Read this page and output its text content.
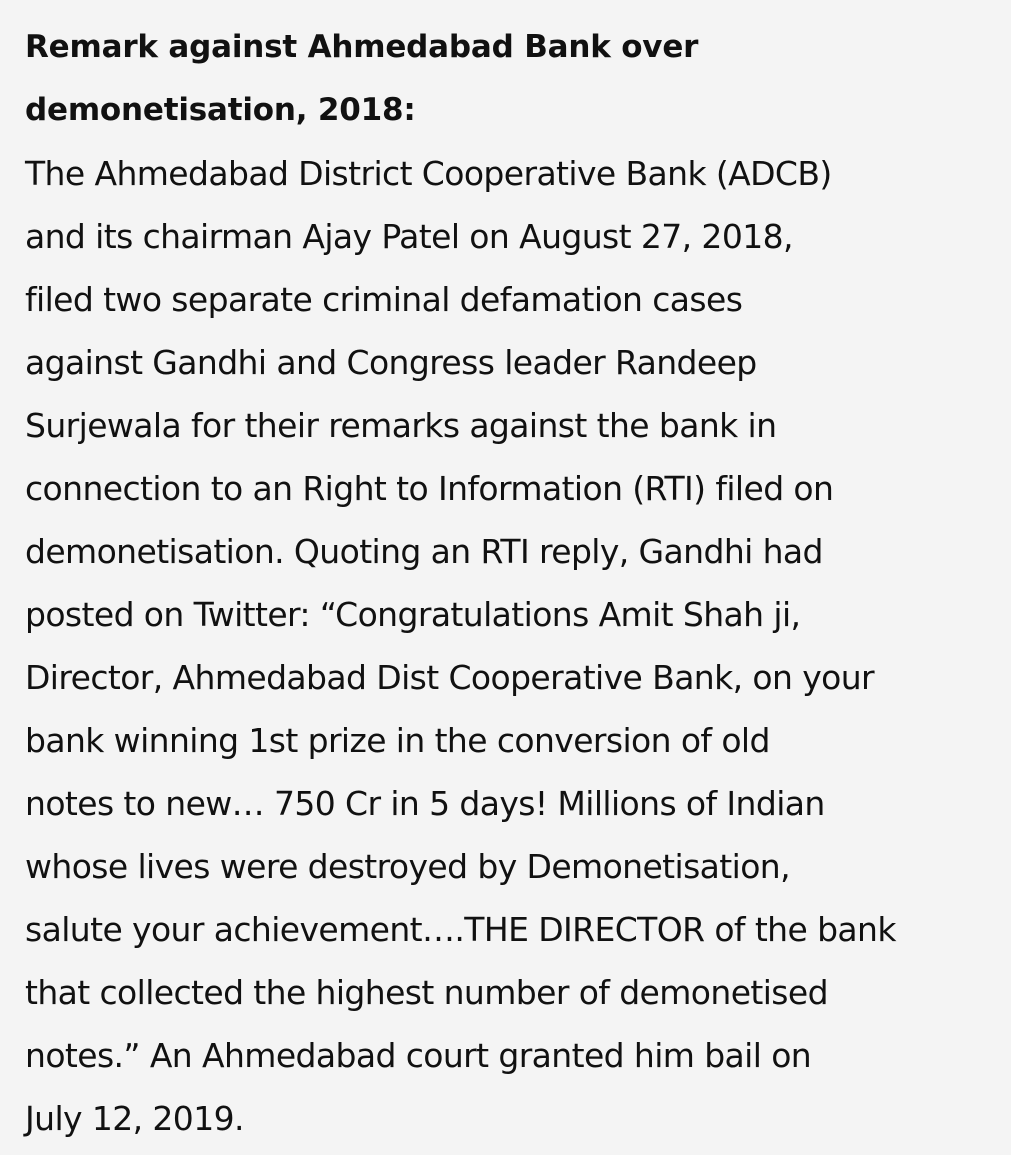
Remark against Ahmedabad Bank over
demonetisation, 2018:

The Ahmedabad District Cooperative Bank (ADCB)
and its chairman Ajay Patel on August 27, 2018,
filed two separate criminal defamation cases
against Gandhi and Congress leader Randeep
Surjewala for their remarks against the bank in
connection to an Right to Information (RTI) filed on
demonetisation. Quoting an RTI reply, Gandhi had
posted on Twitter: “Congratulations Amit Shah ji,
Director, Ahmedabad Dist Cooperative Bank, on your
bank winning 1st prize in the conversion of old
notes to new… 750 Cr in 5 days! Millions of Indian
whose lives were destroyed by Demonetisation,
salute your achievement….THE DIRECTOR of the bank
that collected the highest number of demonetised
notes.” An Ahmedabad court granted him bail on
July 12, 2019.
